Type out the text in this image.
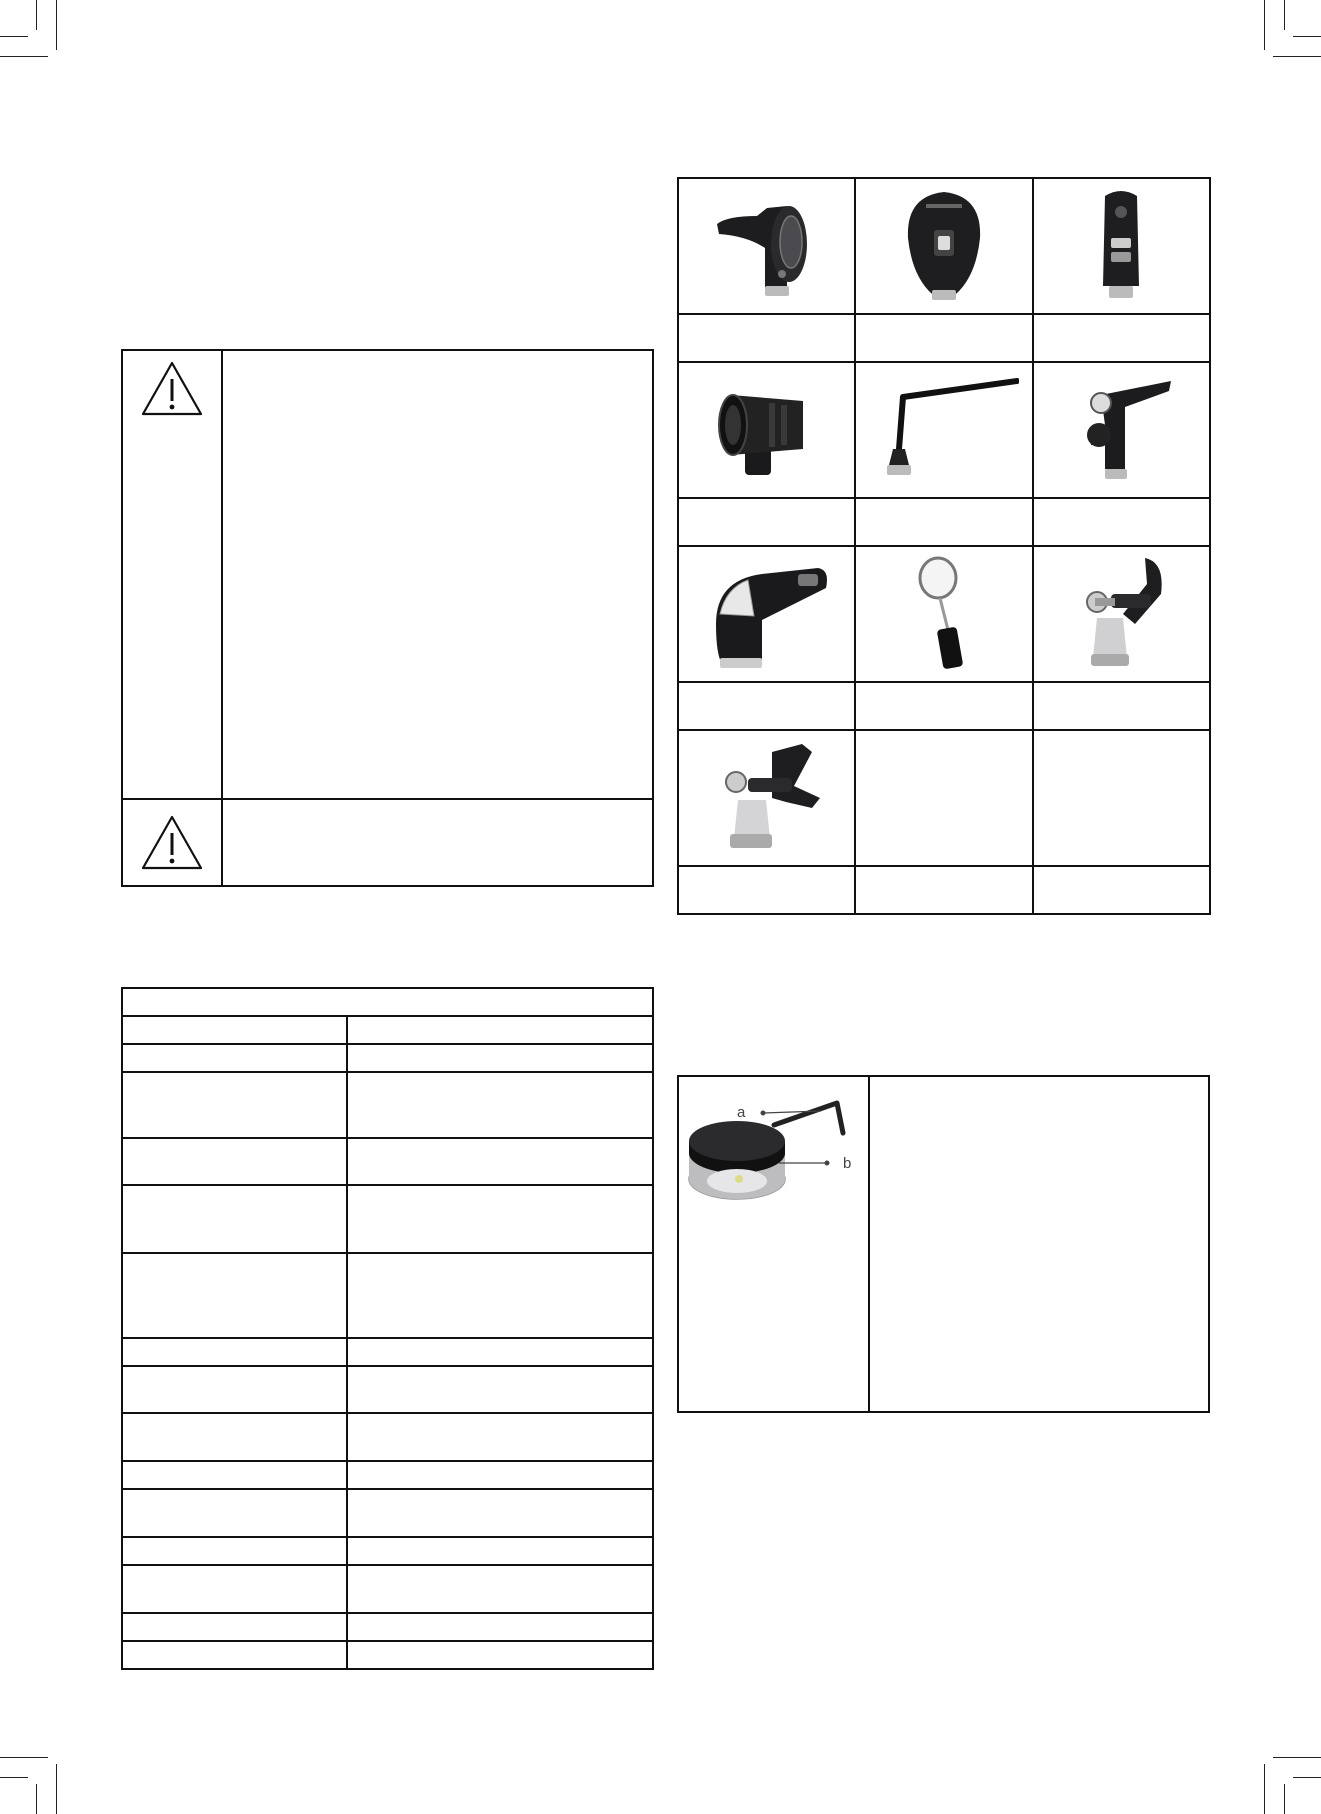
a
b
